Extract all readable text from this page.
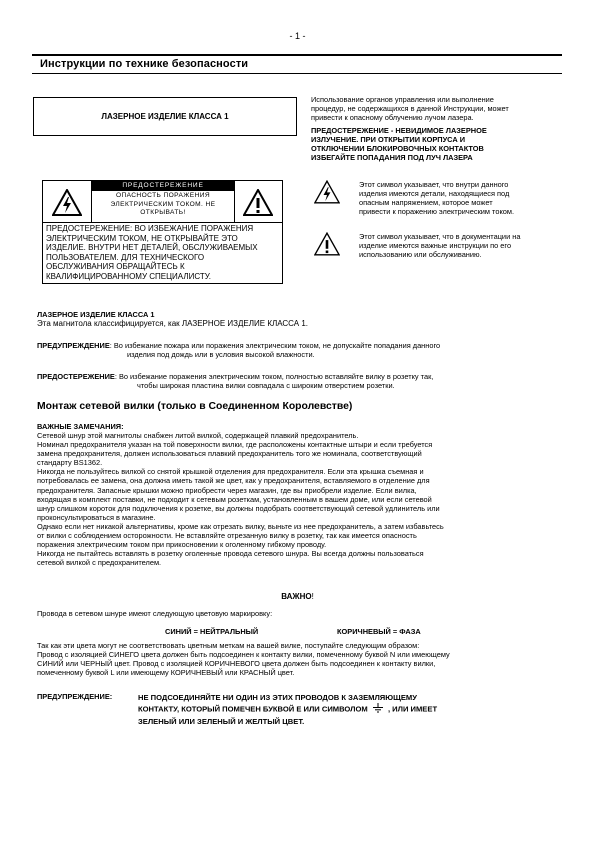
- 1 -
Инструкции по технике безопасности
ЛАЗЕРНОЕ ИЗДЕЛИЕ КЛАССА 1
ПРЕДОСТЕРЕЖЕНИЕ
ОПАСНОСТЬ ПОРАЖЕНИЯ
ЭЛЕКТРИЧЕСКИМ ТОКОМ. НЕ
ОТКРЫВАТЬ!
ПРЕДОСТЕРЕЖЕНИЕ: ВО ИЗБЕЖАНИЕ ПОРАЖЕНИЯ
ЭЛЕКТРИЧЕСКИМ ТОКОМ, НЕ ОТКРЫВАЙТЕ ЭТО
ИЗДЕЛИЕ. ВНУТРИ НЕТ ДЕТАЛЕЙ, ОБСЛУЖИВАЕМЫХ
ПОЛЬЗОВАТЕЛЕМ. ДЛЯ ТЕХНИЧЕСКОГО
ОБСЛУЖИВАНИЯ ОБРАЩАЙТЕСЬ К
КВАЛИФИЦИРОВАННОМУ СПЕЦИАЛИСТУ.
Использование органов управления или выполнение
процедур, не содержащихся в данной Инструкции, может
привести к опасному облучению лучом лазера.
ПРЕДОСТЕРЕЖЕНИЕ - НЕВИДИМОЕ ЛАЗЕРНОЕ
ИЗЛУЧЕНИЕ. ПРИ ОТКРЫТИИ КОРПУСА И
ОТКЛЮЧЕНИИ БЛОКИРОВОЧНЫХ КОНТАКТОВ
ИЗБЕГАЙТЕ ПОПАДАНИЯ ПОД ЛУЧ ЛАЗЕРА
Этот символ указывает, что внутри данного
изделия имеются детали, находящиеся под
опасным напряжением, которое может
привести к поражению электрическим током.
Этот символ указывает, что в документации на
изделие имеются важные инструкции по его
использованию или обслуживанию.
ЛАЗЕРНОЕ ИЗДЕЛИЕ КЛАССА 1
Эта магнитола классифицируется, как ЛАЗЕРНОЕ ИЗДЕЛИЕ КЛАССА 1.
ПРЕДУПРЕЖДЕНИЕ: Во избежание пожара или поражения электрическим током, не допускайте попадания данного
изделия под дождь или в условия высокой влажности.
ПРЕДОСТЕРЕЖЕНИЕ: Во избежание поражения электрическим током, полностью вставляйте вилку в розетку так,
чтобы широкая пластина вилки совпадала с широким отверстием розетки.
Монтаж сетевой вилки (только в Соединенном Королевстве)
ВАЖНЫЕ ЗАМЕЧАНИЯ:
Сетевой шнур этой магнитолы снабжен литой вилкой, содержащей плавкий предохранитель.
Номинал предохранителя указан на той поверхности вилки, где расположены контактные штыри и если требуется
замена предохранителя, должен использоваться плавкий предохранитель того же номинала, соответствующий
стандарту BS1362.
Никогда не пользуйтесь вилкой со снятой крышкой отделения для предохранителя. Если эта крышка съемная и
потребовалась ее замена, она должна иметь такой же цвет, как у предохранителя, вставляемого в отделение для
предохранителя. Запасные крышки можно приобрести через магазин, где вы приобрели изделие. Если вилка,
входящая в комплект поставки, не подходит к сетевым розеткам, установленным в вашем доме, или если сетевой
шнур слишком короток для подключения к розетке, вы должны подобрать соответствующий сетевой удлинитель или
проконсультироваться в магазине.
Однако если нет никакой альтернативы, кроме как отрезать вилку, выньте из нее предохранитель, а затем избавьтесь
от вилки с соблюдением осторожности. Не вставляйте отрезанную вилку в розетку, так как имеется опасность
поражения электрическим током при прикосновении к оголенному гибкому проводу.
Никогда не пытайтесь вставлять в розетку оголенные провода сетевого шнура. Вы всегда должны пользоваться
сетевой вилкой с предохранителем.
ВАЖНО!
Провода в сетевом шнуре имеют следующую цветовую маркировку:
СИНИЙ = НЕЙТРАЛЬНЫЙ	КОРИЧНЕВЫЙ = ФАЗА
Так как эти цвета могут не соответствовать цветным меткам на вашей вилке, поступайте следующим образом:
Провод с изоляцией СИНЕГО цвета должен быть подсоединен к контакту вилки, помеченному буквой N или имеющему
СИНИЙ или ЧЕРНЫЙ цвет. Провод с изоляцией КОРИЧНЕВОГО цвета должен быть подсоединен к контакту вилки,
помеченному буквой L или имеющему КОРИЧНЕВЫЙ или КРАСНЫЙ цвет.
ПРЕДУПРЕЖДЕНИЕ:	НЕ ПОДСОЕДИНЯЙТЕ НИ ОДИН ИЗ ЭТИХ ПРОВОДОВ К ЗАЗЕМЛЯЮЩЕМУ
КОНТАКТУ, КОТОРЫЙ ПОМЕЧЕН БУКВОЙ Е ИЛИ СИМВОЛОМ	, ИЛИ ИМЕЕТ
ЗЕЛЕНЫЙ ИЛИ ЗЕЛЕНЫЙ И ЖЕЛТЫЙ ЦВЕТ.
